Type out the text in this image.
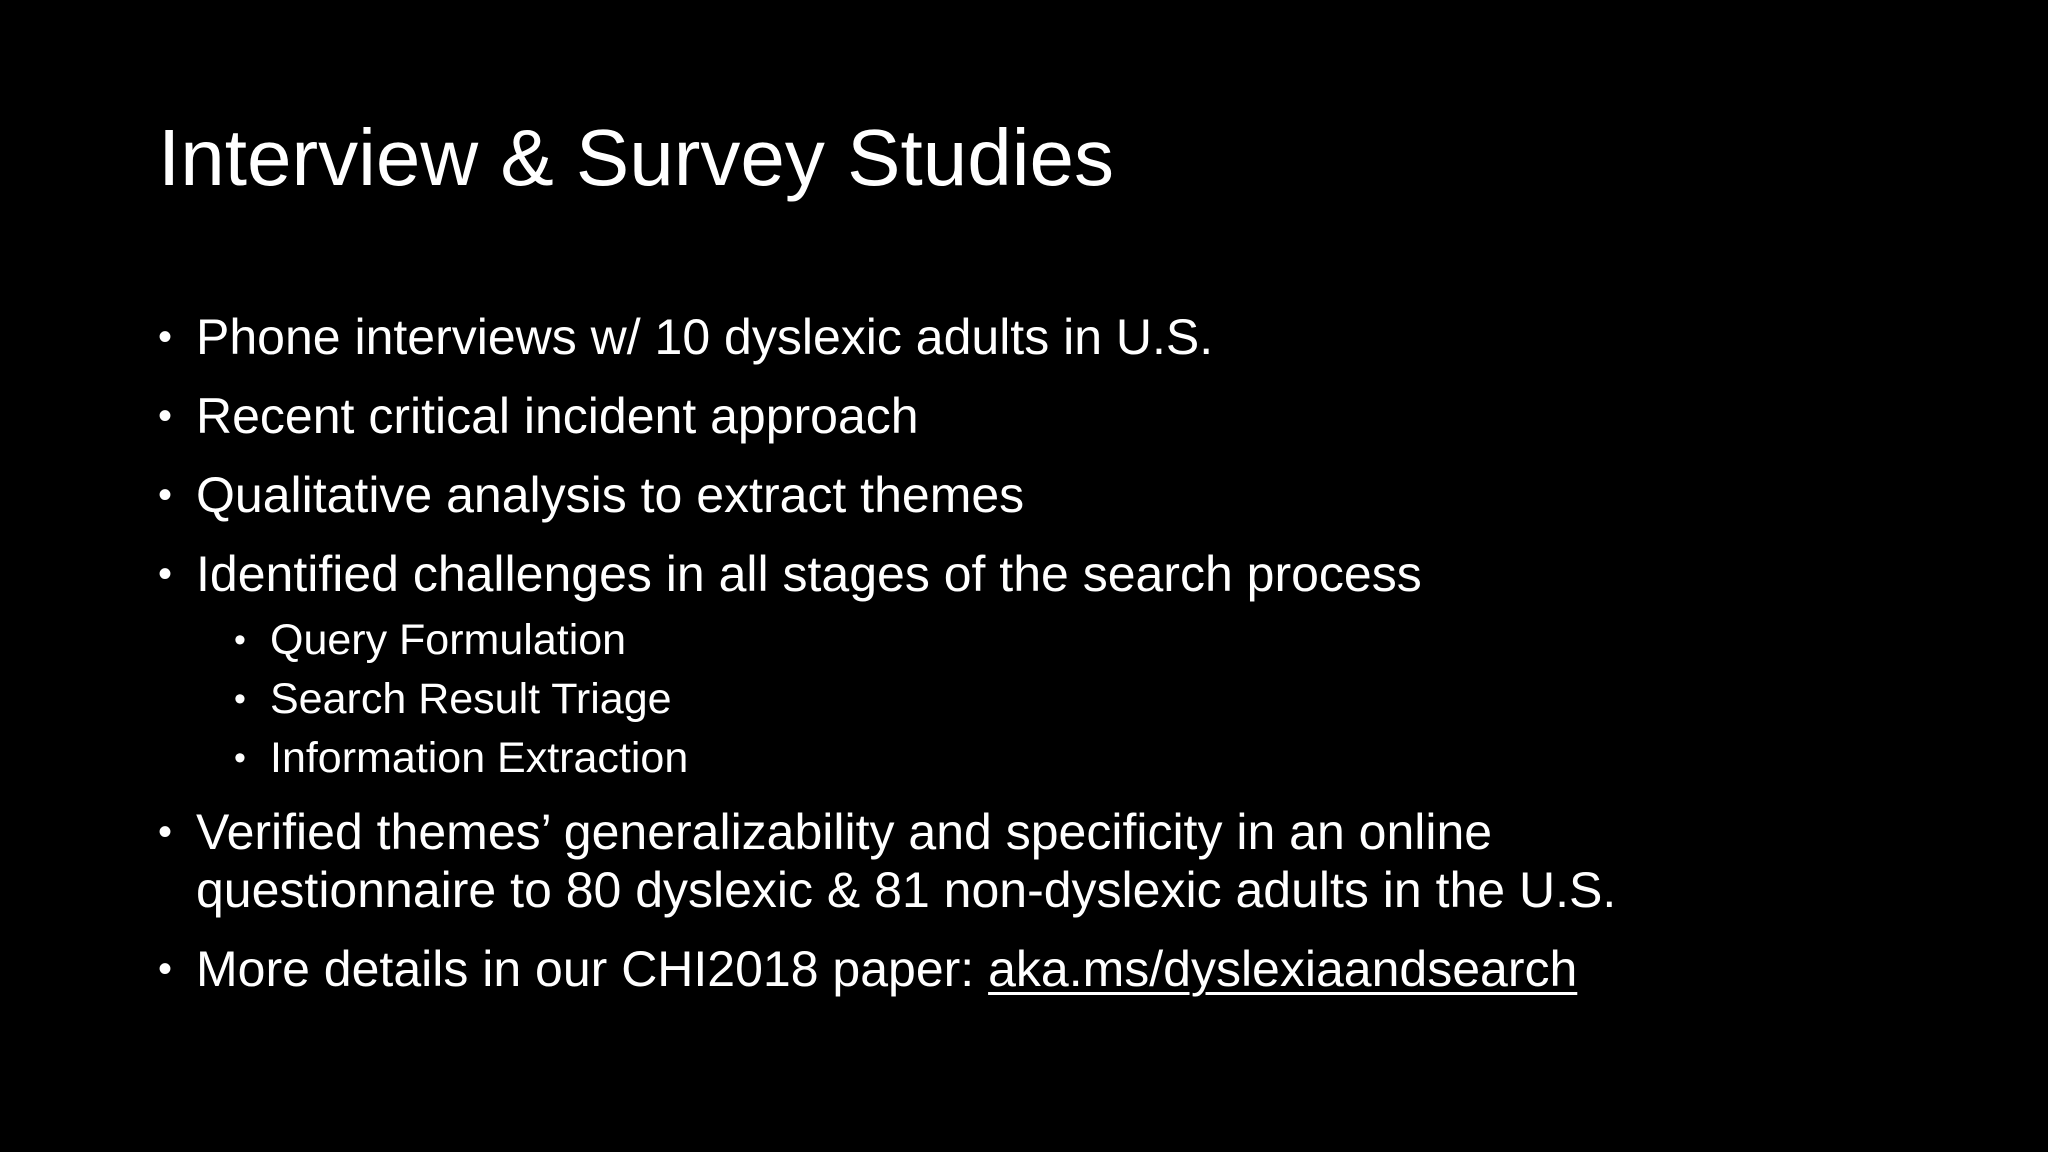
Interview & Survey Studies
• Phone interviews w/ 10 dyslexic adults in U.S.
• Recent critical incident approach
• Qualitative analysis to extract themes
• Identified challenges in all stages of the search process
• Query Formulation
• Search Result Triage
• Information Extraction
• Verified themes’ generalizability and specificity in an online
questionnaire to 80 dyslexic & 81 non-dyslexic adults in the U.S.
• More details in our CHI2018 paper: aka.ms/dyslexiaandsearch
